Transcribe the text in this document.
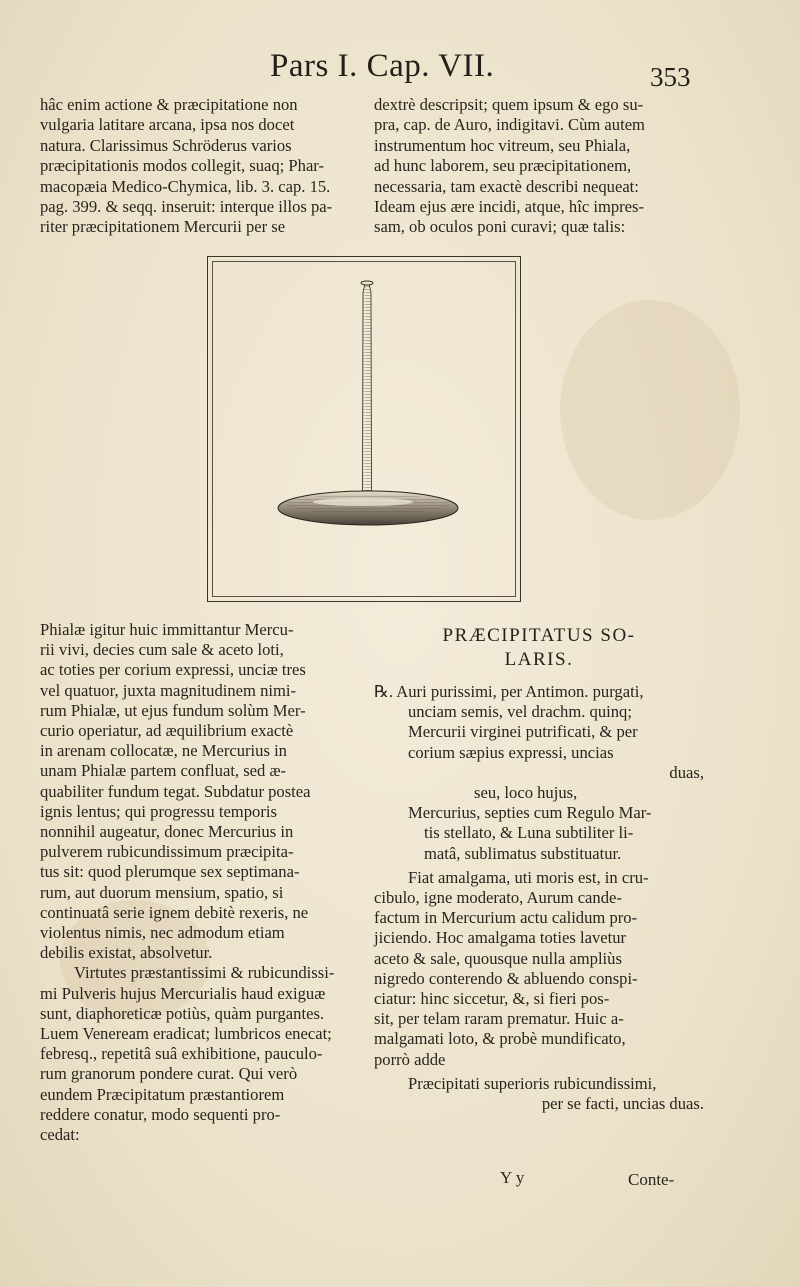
Pars I. Cap. VII.	353
hâc enim actione & præcipitatione non
vulgaria latitare arcana, ipsa nos docet
natura. Clarissimus Schröderus varios
præcipitationis modos collegit, suaq; Phar-
macopæia Medico-Chymica, lib. 3. cap. 15.
pag. 399. & seqq. inseruit: interque illos pa-
riter præcipitationem Mercurii per se
dextrè descripsit; quem ipsum & ego su-
pra, cap. de Auro, indigitavi. Cùm autem
instrumentum hoc vitreum, seu Phiala,
ad hunc laborem, seu præcipitationem,
necessaria, tam exactè describi nequeat:
Ideam ejus ære incidi, atque, hîc impres-
sam, ob oculos poni curavi; quæ talis:
Phialæ igitur huic immittantur Mercu-
rii vivi, decies cum sale & aceto loti,
ac toties per corium expressi, unciæ tres
vel quatuor, juxta magnitudinem nimi-
rum Phialæ, ut ejus fundum solùm Mer-
curio operiatur, ad æquilibrium exactè
in arenam collocatæ, ne Mercurius in
unam Phialæ partem confluat, sed æ-
quabiliter fundum tegat. Subdatur postea
ignis lentus; qui progressu temporis
nonnihil augeatur, donec Mercurius in
pulverem rubicundissimum præcipita-
tus sit: quod plerumque sex septimana-
rum, aut duorum mensium, spatio, si
continuatâ serie ignem debitè rexeris, ne
violentus nimis, nec admodum etiam
debilis existat, absolvetur.
Virtutes præstantissimi & rubicundissi-
mi Pulveris hujus Mercurialis haud exiguæ
sunt, diaphoreticæ potiùs, quàm purgantes.
Luem Veneream eradicat; lumbricos enecat;
febresq., repetitâ suâ exhibitione, pauculo-
rum granorum pondere curat. Qui verò
eundem Præcipitatum præstantiorem
reddere conatur, modo sequenti pro-
cedat:
PRÆCIPITATUS SO-
LARIS.
℞. Auri purissimi, per Antimon. purgati,
unciam semis, vel drachm. quinq;
Mercurii virginei putrificati, & per
corium sæpius expressi, uncias
duas,
seu, loco hujus,
Mercurius, septies cum Regulo Mar-
tis stellato, & Luna subtiliter li-
matâ, sublimatus substituatur.
Fiat amalgama, uti moris est, in cru-
cibulo, igne moderato, Aurum cande-
factum in Mercurium actu calidum pro-
jiciendo. Hoc amalgama toties lavetur
aceto & sale, quousque nulla ampliùs
nigredo conterendo & abluendo conspi-
ciatur: hinc siccetur, &, si fieri pos-
sit, per telam raram prematur. Huic a-
malgamati loto, & probè mundificato,
porrò adde
Præcipitati superioris rubicundissimi,
per se facti, uncias duas.
Y y	Conte-
